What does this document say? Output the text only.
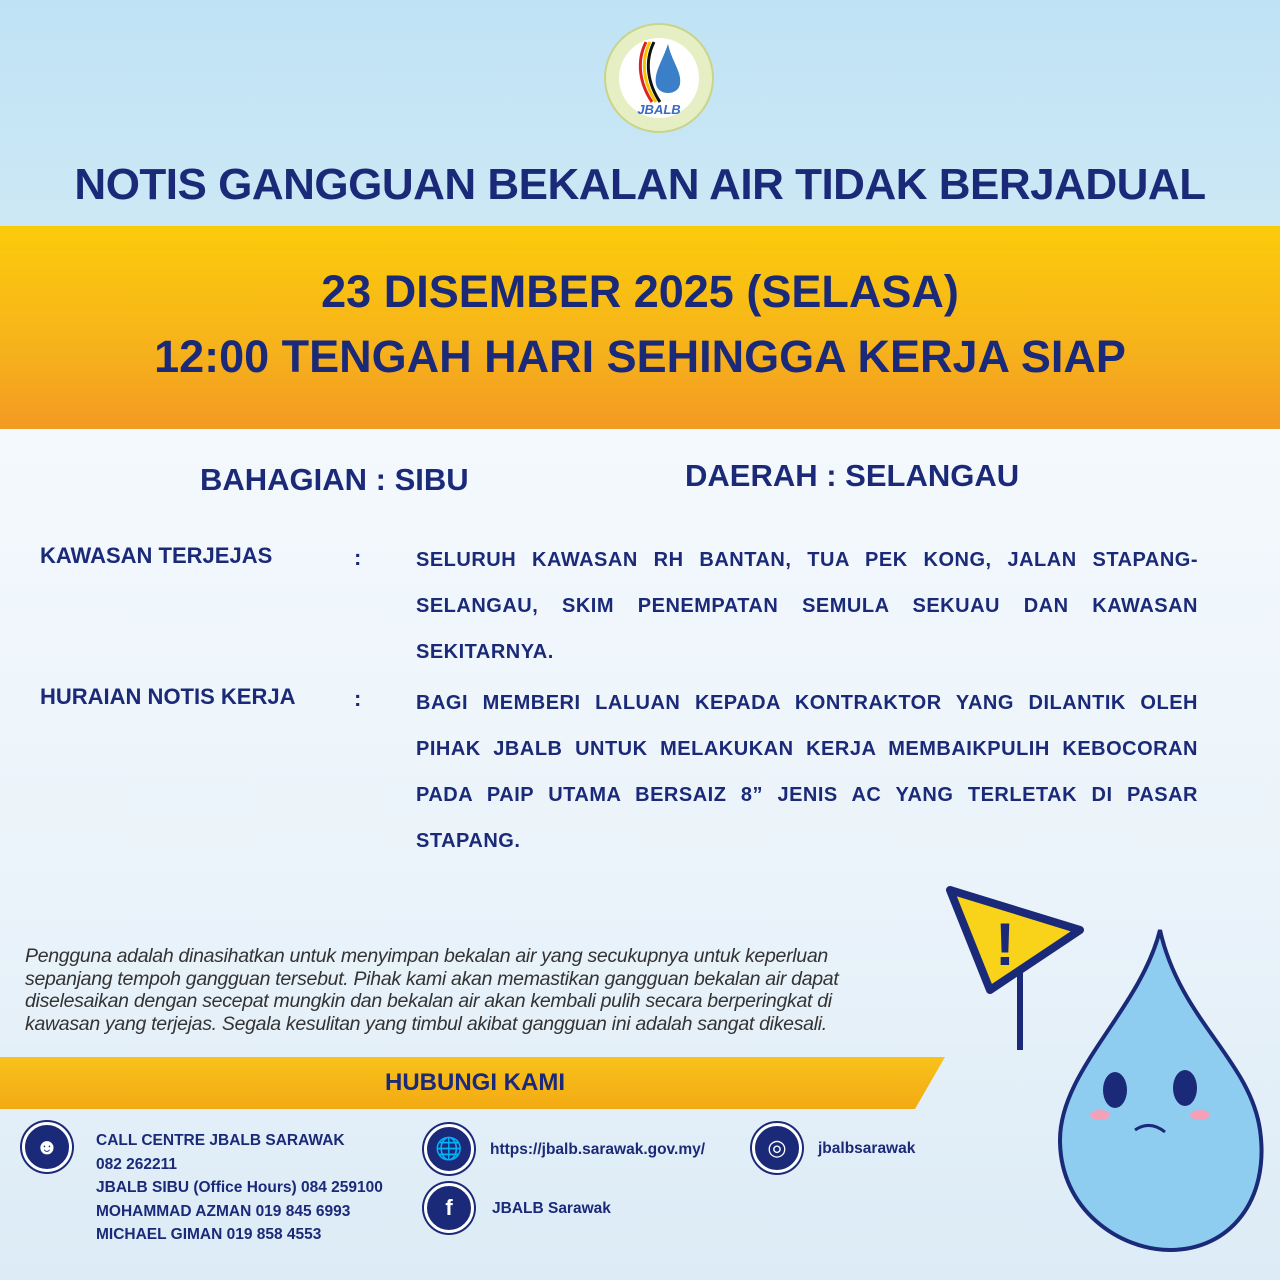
JBALB
NOTIS GANGGUAN BEKALAN AIR TIDAK BERJADUAL
23 DISEMBER 2025 (SELASA)
12:00 TENGAH HARI SEHINGGA KERJA SIAP
BAHAGIAN : SIBU	DAERAH : SELANGAU
KAWASAN TERJEJAS	:	SELURUH KAWASAN RH BANTAN, TUA PEK KONG, JALAN STAPANG-SELANGAU, SKIM PENEMPATAN SEMULA SEKUAU DAN KAWASAN SEKITARNYA.
HURAIAN NOTIS KERJA	:	BAGI MEMBERI LALUAN KEPADA KONTRAKTOR YANG DILANTIK OLEH PIHAK JBALB UNTUK MELAKUKAN KERJA MEMBAIKPULIH KEBOCORAN PADA PAIP UTAMA BERSAIZ 8” JENIS AC YANG TERLETAK DI PASAR STAPANG.
Pengguna adalah dinasihatkan untuk menyimpan bekalan air yang secukupnya untuk keperluan sepanjang tempoh gangguan tersebut. Pihak kami akan memastikan gangguan bekalan air dapat diselesaikan dengan secepat mungkin dan bekalan air akan kembali pulih secara berperingkat di kawasan yang terjejas. Segala kesulitan yang timbul akibat gangguan ini adalah sangat dikesali.
HUBUNGI KAMI
☻	CALL CENTRE JBALB SARAWAK
082 262211
JBALB SIBU (Office Hours) 084 259100
MOHAMMAD AZMAN 019 845 6993
MICHAEL GIMAN 019 858 4553
🌐	https://jbalb.sarawak.gov.my/
f	JBALB Sarawak
◎	jbalbsarawak
!
